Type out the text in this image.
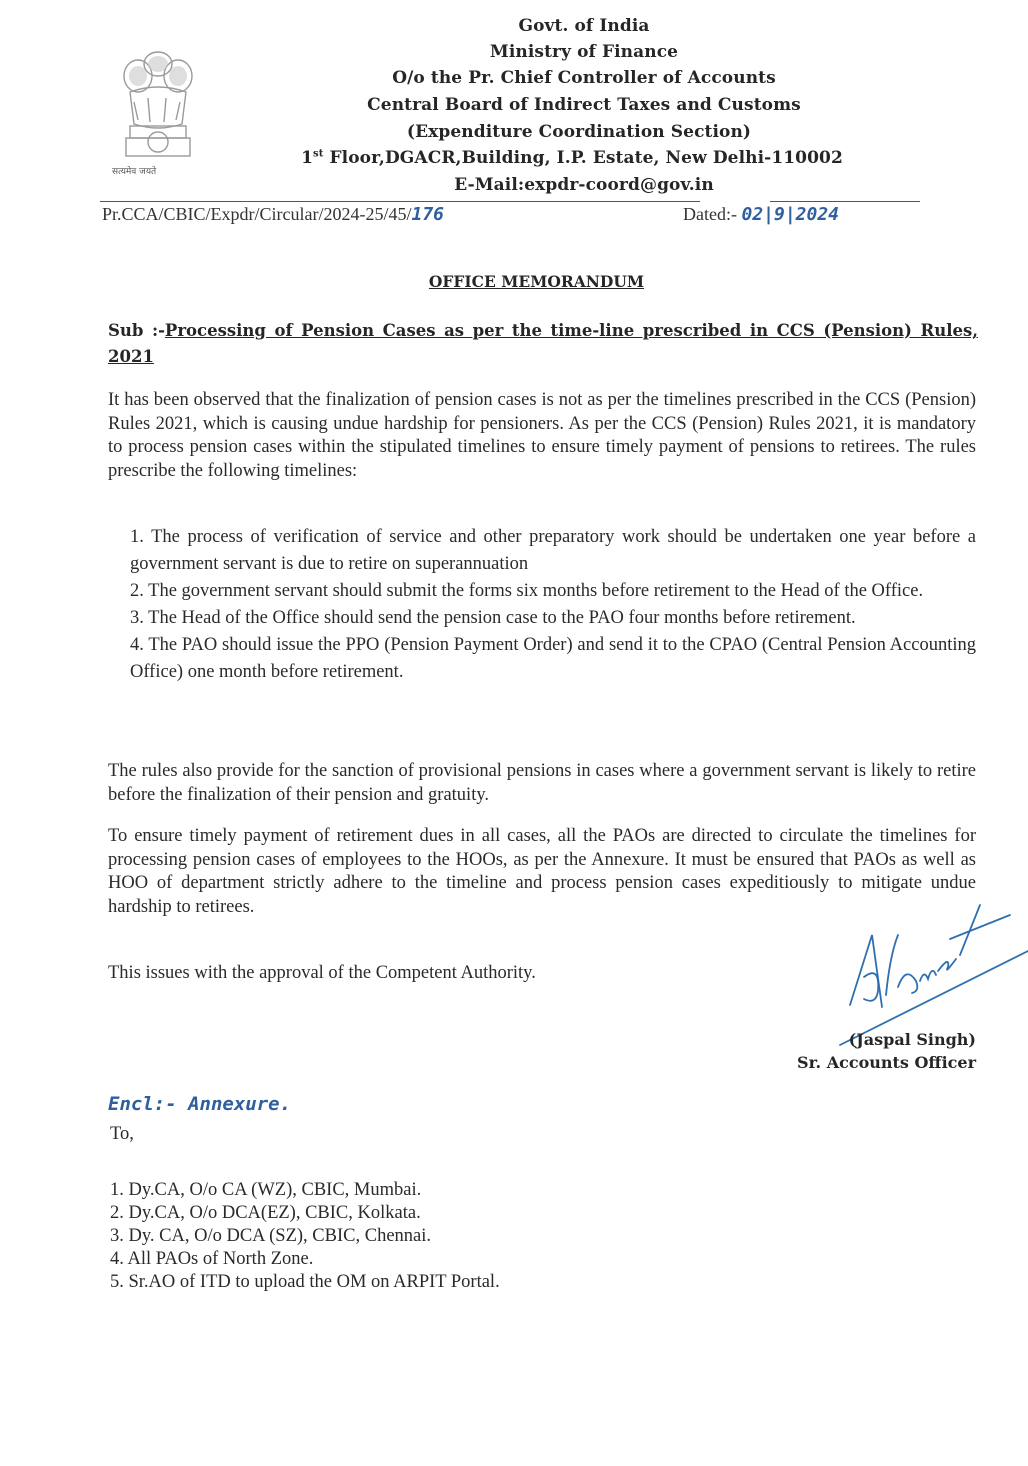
सत्यमेव जयते
Govt. of India
Ministry of Finance
O/o the Pr. Chief Controller of Accounts
Central Board of Indirect Taxes and Customs
(Expenditure Coordination Section)
1st Floor,DGACR,Building, I.P. Estate, New Delhi-110002
E-Mail:expdr-coord@gov.in
Pr.CCA/CBIC/Expdr/Circular/2024-25/45/176	Dated:- 02|9|2024
OFFICE MEMORANDUM
Sub :-Processing of Pension Cases as per the time-line prescribed in CCS (Pension) Rules, 2021
It has been observed that the finalization of pension cases is not as per the timelines prescribed in the CCS (Pension) Rules 2021, which is causing undue hardship for pensioners. As per the CCS (Pension) Rules 2021, it is mandatory to process pension cases within the stipulated timelines to ensure timely payment of pensions to retirees. The rules prescribe the following timelines:
1. The process of verification of service and other preparatory work should be undertaken one year before a government servant is due to retire on superannuation
2. The government servant should submit the forms six months before retirement to the Head of the Office.
3. The Head of the Office should send the pension case to the PAO four months before retirement.
4. The PAO should issue the PPO (Pension Payment Order) and send it to the CPAO (Central Pension Accounting Office) one month before retirement.
The rules also provide for the sanction of provisional pensions in cases where a government servant is likely to retire before the finalization of their pension and gratuity.
To ensure timely payment of retirement dues in all cases, all the PAOs are directed to circulate the timelines for processing pension cases of employees to the HOOs, as per the Annexure. It must be ensured that PAOs as well as HOO of department strictly adhere to the timeline and process pension cases expeditiously to mitigate undue hardship to retirees.
This issues with the approval of the Competent Authority.
(Jaspal Singh)
Sr. Accounts Officer
Encl:- Annexure.
To,
1. Dy.CA, O/o CA (WZ), CBIC, Mumbai.
2. Dy.CA, O/o DCA(EZ), CBIC, Kolkata.
3. Dy. CA, O/o DCA (SZ), CBIC, Chennai.
4. All PAOs of North Zone.
5. Sr.AO of ITD to upload the OM on ARPIT Portal.
